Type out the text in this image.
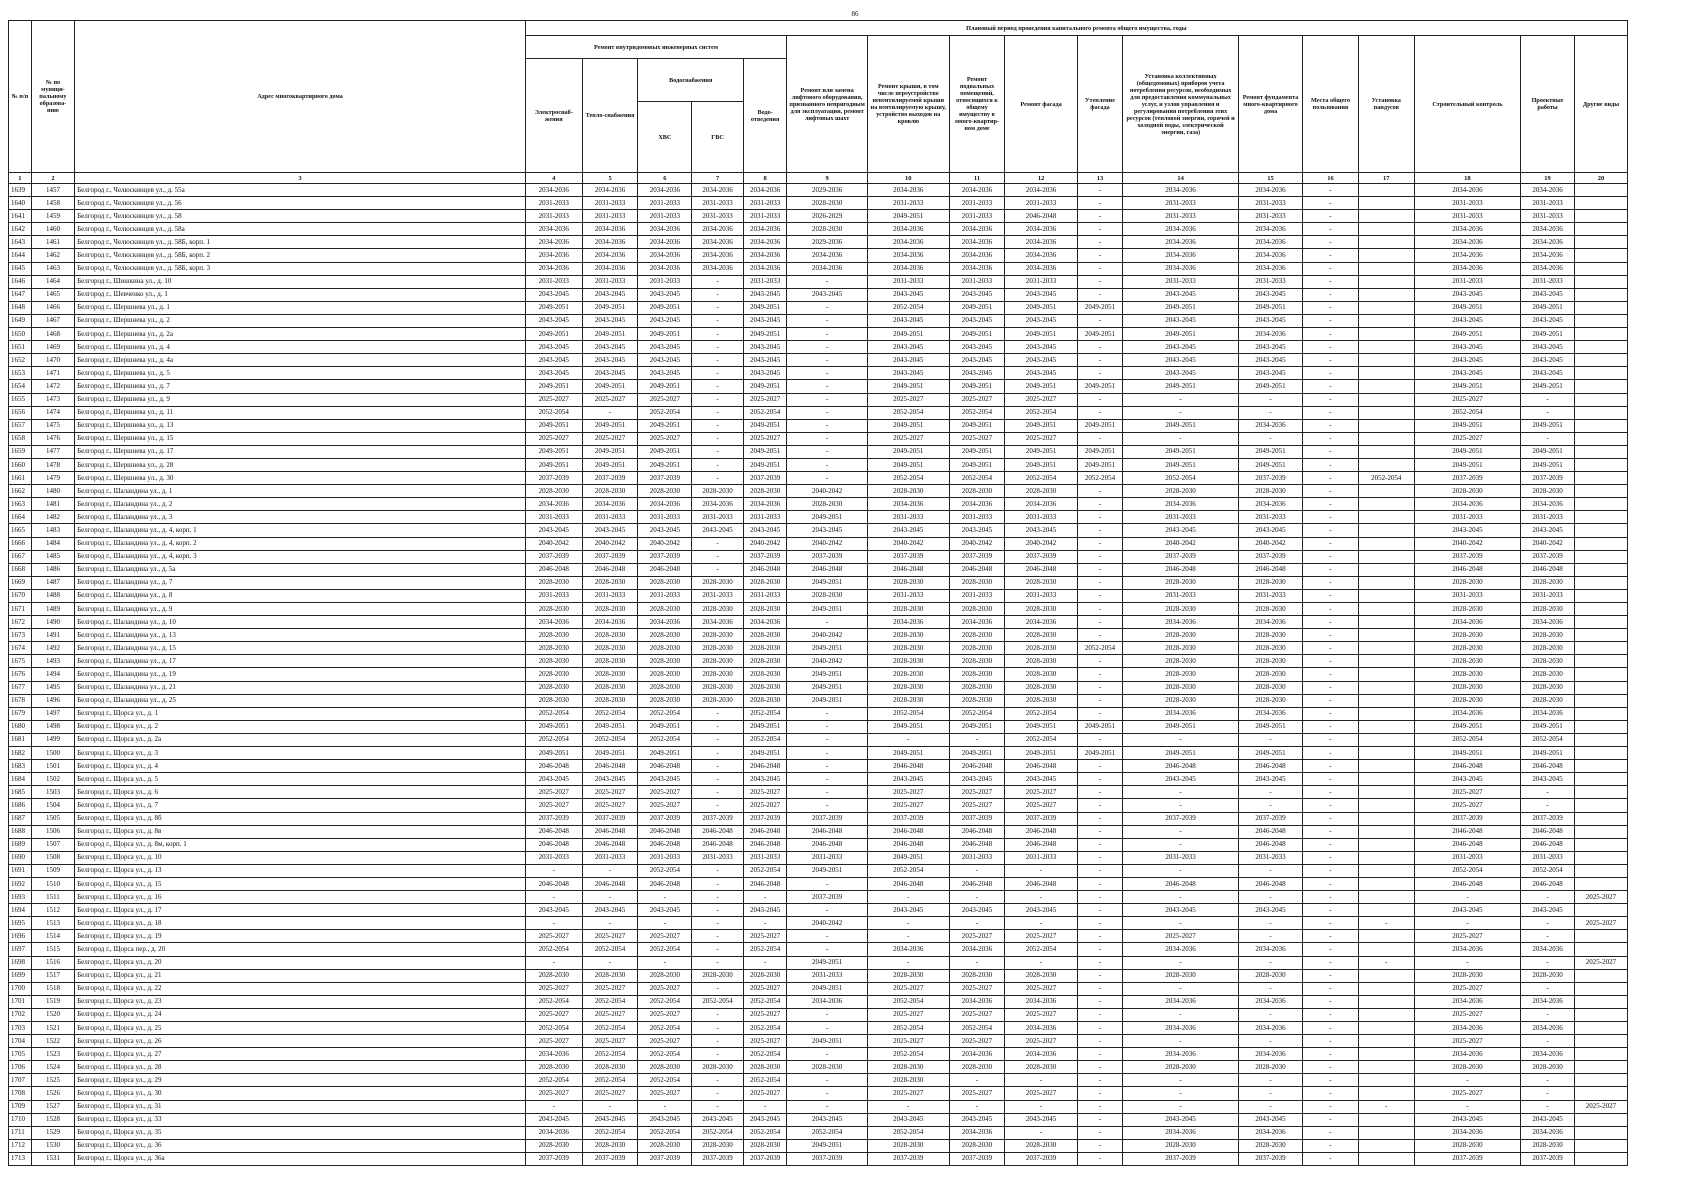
86
№ п/п	№ по муници-пальному образова-нию	Адрес многоквартирного дома	Плановый период проведения капитального ремонта общего имущества, годы																
			Ремонт внутридомовых инженерных систем					Ремонт или замена лифтового оборудования, признанного непригодным для эксплуатации, ремонт лифтовых шахт	Ремонт крыши, в том числе переустройство невентилируемой крыши на вентилируемую крышу, устройство выходов на кровлю	Ремонт подвальных помещений, относящихся к общему имуществу в много-квартир-ном доме	Ремонт фасада	Утепление фасада	Установка коллективных (общедомовых) приборов учета потребления ресурсов, необходимых для предоставления коммунальных услуг, и узлов управления и регулирования потребления этих ресурсов (тепловой энергии, горячей и холодной воды, электрической энергии, газа)	Ремонт фундамента много-квартирного дома	Места общего пользования	Установка пандусов	Строительный контроль	Проектные работы	Другие виды
			Электроснаб-жения	Тепло-снабжения	Водоснабжения		Водо-отведения												
					ХВС	ГВС													
1	2	3	4	5	6	7	8	9	10	11	12	13	14	15	16	17	18	19	20
1639	1457	Белгород г., Челюскинцев ул., д. 55а	2034-2036	2034-2036	2034-2036	2034-2036	2034-2036	2029-2036	2034-2036	2034-2036	2034-2036	-	2034-2036	2034-2036	-		2034-2036	2034-2036	
1640	1458	Белгород г., Челюскинцев ул., д. 56	2031-2033	2031-2033	2031-2033	2031-2033	2031-2033	2028-2030	2031-2033	2031-2033	2031-2033	-	2031-2033	2031-2033	-		2031-2033	2031-2033	
1641	1459	Белгород г., Челюскинцев ул., д. 58	2031-2033	2031-2033	2031-2033	2031-2033	2031-2033	2026-2029	2049-2051	2031-2033	2046-2048	-	2031-2033	2031-2033	-		2031-2033	2031-2033	
1642	1460	Белгород г., Челюскинцев ул., д. 58а	2034-2036	2034-2036	2034-2036	2034-2036	2034-2036	2028-2030	2034-2036	2034-2036	2034-2036	-	2034-2036	2034-2036	-		2034-2036	2034-2036	
1643	1461	Белгород г., Челюскинцев ул., д. 58Б, корп. 1	2034-2036	2034-2036	2034-2036	2034-2036	2034-2036	2029-2036	2034-2036	2034-2036	2034-2036	-	2034-2036	2034-2036	-		2034-2036	2034-2036	
1644	1462	Белгород г., Челюскинцев ул., д. 58Б, корп. 2	2034-2036	2034-2036	2034-2036	2034-2036	2034-2036	2034-2036	2034-2036	2034-2036	2034-2036	-	2034-2036	2034-2036	-		2034-2036	2034-2036	
1645	1463	Белгород г., Челюскинцев ул., д. 58Б, корп. 3	2034-2036	2034-2036	2034-2036	2034-2036	2034-2036	2034-2036	2034-2036	2034-2036	2034-2036	-	2034-2036	2034-2036	-		2034-2036	2034-2036	
1646	1464	Белгород г., Шишкина ул., д. 10	2031-2033	2031-2033	2031-2033	-	2031-2033	-	2031-2033	2031-2033	2031-2033	-	2031-2033	2031-2033	-		2031-2033	2031-2033	
1647	1465	Белгород г., Шевченко ул., д. 1	2043-2045	2043-2045	2043-2045	-	2043-2045	2043-2045	2043-2045	2043-2045	2043-2045	-	2043-2045	2043-2045	-		2043-2045	2043-2045	
1648	1466	Белгород г., Шершнева ул., д. 1	2049-2051	2049-2051	2049-2051	-	2049-2051	-	2052-2054	2049-2051	2049-2051	2049-2051	2049-2051	2049-2051	-		2049-2051	2049-2051	
1649	1467	Белгород г., Шершнева ул., д. 2	2043-2045	2043-2045	2043-2045	-	2043-2045	-	2043-2045	2043-2045	2043-2045	-	2043-2045	2043-2045	-		2043-2045	2043-2045	
1650	1468	Белгород г., Шершнева ул., д. 2а	2049-2051	2049-2051	2049-2051	-	2049-2051	-	2049-2051	2049-2051	2049-2051	2049-2051	2049-2051	2034-2036	-		2049-2051	2049-2051	
1651	1469	Белгород г., Шершнева ул., д. 4	2043-2045	2043-2045	2043-2045	-	2043-2045	-	2043-2045	2043-2045	2043-2045	-	2043-2045	2043-2045	-		2043-2045	2043-2045	
1652	1470	Белгород г., Шершнева ул., д. 4а	2043-2045	2043-2045	2043-2045	-	2043-2045	-	2043-2045	2043-2045	2043-2045	-	2043-2045	2043-2045	-		2043-2045	2043-2045	
1653	1471	Белгород г., Шершнева ул., д. 5	2043-2045	2043-2045	2043-2045	-	2043-2045	-	2043-2045	2043-2045	2043-2045	-	2043-2045	2043-2045	-		2043-2045	2043-2045	
1654	1472	Белгород г., Шершнева ул., д. 7	2049-2051	2049-2051	2049-2051	-	2049-2051	-	2049-2051	2049-2051	2049-2051	2049-2051	2049-2051	2049-2051	-		2049-2051	2049-2051	
1655	1473	Белгород г., Шершнева ул., д. 9	2025-2027	2025-2027	2025-2027	-	2025-2027	-	2025-2027	2025-2027	2025-2027	-	-	-	-		2025-2027	-	
1656	1474	Белгород г., Шершнева ул., д. 11	2052-2054	-	2052-2054	-	2052-2054	-	2052-2054	2052-2054	2052-2054	-	-	-	-		2052-2054	-	
1657	1475	Белгород г., Шершнева ул., д. 13	2049-2051	2049-2051	2049-2051	-	2049-2051	-	2049-2051	2049-2051	2049-2051	2049-2051	2049-2051	2034-2036	-		2049-2051	2049-2051	
1658	1476	Белгород г., Шершнева ул., д. 15	2025-2027	2025-2027	2025-2027	-	2025-2027	-	2025-2027	2025-2027	2025-2027	-	-	-	-		2025-2027	-	
1659	1477	Белгород г., Шершнева ул., д. 17	2049-2051	2049-2051	2049-2051	-	2049-2051	-	2049-2051	2049-2051	2049-2051	2049-2051	2049-2051	2049-2051	-		2049-2051	2049-2051	
1660	1478	Белгород г., Шершнева ул., д. 28	2049-2051	2049-2051	2049-2051	-	2049-2051	-	2049-2051	2049-2051	2049-2051	2049-2051	2049-2051	2049-2051	-		2049-2051	2049-2051	
1661	1479	Белгород г., Шершнева ул., д. 30	2037-2039	2037-2039	2037-2039	-	2037-2039	-	2052-2054	2052-2054	2052-2054	2052-2054	2052-2054	2037-2039	-	2052-2054	2037-2039	2037-2039	
1662	1480	Белгород г., Шаландина ул., д. 1	2028-2030	2028-2030	2028-2030	2028-2030	2028-2030	2040-2042	2028-2030	2028-2030	2028-2030	-	2028-2030	2028-2030	-		2028-2030	2028-2030	
1663	1481	Белгород г., Шаландина ул., д. 2	2034-2036	2034-2036	2034-2036	2034-2036	2034-2036	2028-2030	2034-2036	2034-2036	2034-2036	-	2034-2036	2034-2036	-		2034-2036	2034-2036	
1664	1482	Белгород г., Шаландина ул., д. 3	2031-2033	2031-2033	2031-2033	2031-2033	2031-2033	2049-2051	2031-2033	2031-2033	2031-2033	-	2031-2033	2031-2033	-		2031-2033	2031-2033	
1665	1483	Белгород г., Шаландина ул., д. 4, корп. 1	2043-2045	2043-2045	2043-2045	2043-2045	2043-2045	2043-2045	2043-2045	2043-2045	2043-2045	-	2043-2045	2043-2045	-		2043-2045	2043-2045	
1666	1484	Белгород г., Шаландина ул., д. 4, корп. 2	2040-2042	2040-2042	2040-2042	-	2040-2042	2040-2042	2040-2042	2040-2042	2040-2042	-	2040-2042	2040-2042	-		2040-2042	2040-2042	
1667	1485	Белгород г., Шаландина ул., д. 4, корп. 3	2037-2039	2037-2039	2037-2039	-	2037-2039	2037-2039	2037-2039	2037-2039	2037-2039	-	2037-2039	2037-2039	-		2037-2039	2037-2039	
1668	1486	Белгород г., Шаландина ул., д. 5а	2046-2048	2046-2048	2046-2048	-	2046-2048	2046-2048	2046-2048	2046-2048	2046-2048	-	2046-2048	2046-2048	-		2046-2048	2046-2048	
1669	1487	Белгород г., Шаландина ул., д. 7	2028-2030	2028-2030	2028-2030	2028-2030	2028-2030	2049-2051	2028-2030	2028-2030	2028-2030	-	2028-2030	2028-2030	-		2028-2030	2028-2030	
1670	1488	Белгород г., Шаландина ул., д. 8	2031-2033	2031-2033	2031-2033	2031-2033	2031-2033	2028-2030	2031-2033	2031-2033	2031-2033	-	2031-2033	2031-2033	-		2031-2033	2031-2033	
1671	1489	Белгород г., Шаландина ул., д. 9	2028-2030	2028-2030	2028-2030	2028-2030	2028-2030	2049-2051	2028-2030	2028-2030	2028-2030	-	2028-2030	2028-2030	-		2028-2030	2028-2030	
1672	1490	Белгород г., Шаландина ул., д. 10	2034-2036	2034-2036	2034-2036	2034-2036	2034-2036	-	2034-2036	2034-2036	2034-2036	-	2034-2036	2034-2036	-		2034-2036	2034-2036	
1673	1491	Белгород г., Шаландина ул., д. 13	2028-2030	2028-2030	2028-2030	2028-2030	2028-2030	2040-2042	2028-2030	2028-2030	2028-2030	-	2028-2030	2028-2030	-		2028-2030	2028-2030	
1674	1492	Белгород г., Шаландина ул., д. 15	2028-2030	2028-2030	2028-2030	2028-2030	2028-2030	2049-2051	2028-2030	2028-2030	2028-2030	2052-2054	2028-2030	2028-2030	-		2028-2030	2028-2030	
1675	1493	Белгород г., Шаландина ул., д. 17	2028-2030	2028-2030	2028-2030	2028-2030	2028-2030	2040-2042	2028-2030	2028-2030	2028-2030	-	2028-2030	2028-2030	-		2028-2030	2028-2030	
1676	1494	Белгород г., Шаландина ул., д. 19	2028-2030	2028-2030	2028-2030	2028-2030	2028-2030	2049-2051	2028-2030	2028-2030	2028-2030	-	2028-2030	2028-2030	-		2028-2030	2028-2030	
1677	1495	Белгород г., Шаландина ул., д. 21	2028-2030	2028-2030	2028-2030	2028-2030	2028-2030	2049-2051	2028-2030	2028-2030	2028-2030	-	2028-2030	2028-2030	-		2028-2030	2028-2030	
1678	1496	Белгород г., Шаландина ул., д. 25	2028-2030	2028-2030	2028-2030	2028-2030	2028-2030	2049-2051	2028-2030	2028-2030	2028-2030	-	2028-2030	2028-2030	-		2028-2030	2028-2030	
1679	1497	Белгород г., Щорса ул., д. 1	2052-2054	2052-2054	2052-2054	-	2052-2054	-	2052-2054	2052-2054	2052-2054	-	2034-2036	2034-2036	-		2034-2036	2034-2036	
1680	1498	Белгород г., Щорса ул., д. 2	2049-2051	2049-2051	2049-2051	-	2049-2051	-	2049-2051	2049-2051	2049-2051	2049-2051	2049-2051	2049-2051	-		2049-2051	2049-2051	
1681	1499	Белгород г., Щорса ул., д. 2а	2052-2054	2052-2054	2052-2054	-	2052-2054	-	-	-	2052-2054	-	-	-	-		2052-2054	2052-2054	
1682	1500	Белгород г., Щорса ул., д. 3	2049-2051	2049-2051	2049-2051	-	2049-2051	-	2049-2051	2049-2051	2049-2051	2049-2051	2049-2051	2049-2051	-		2049-2051	2049-2051	
1683	1501	Белгород г., Щорса ул., д. 4	2046-2048	2046-2048	2046-2048	-	2046-2048	-	2046-2048	2046-2048	2046-2048	-	2046-2048	2046-2048	-		2046-2048	2046-2048	
1684	1502	Белгород г., Щорса ул., д. 5	2043-2045	2043-2045	2043-2045	-	2043-2045	-	2043-2045	2043-2045	2043-2045	-	2043-2045	2043-2045	-		2043-2045	2043-2045	
1685	1503	Белгород г., Щорса ул., д. 6	2025-2027	2025-2027	2025-2027	-	2025-2027	-	2025-2027	2025-2027	2025-2027	-	-	-	-		2025-2027	-	
1686	1504	Белгород г., Щорса ул., д. 7	2025-2027	2025-2027	2025-2027	-	2025-2027	-	2025-2027	2025-2027	2025-2027	-	-	-	-		2025-2027	-	
1687	1505	Белгород г., Щорса ул., д. 8б	2037-2039	2037-2039	2037-2039	2037-2039	2037-2039	2037-2039	2037-2039	2037-2039	2037-2039	-	2037-2039	2037-2039	-		2037-2039	2037-2039	
1688	1506	Белгород г., Щорса ул., д. 8в	2046-2048	2046-2048	2046-2048	2046-2048	2046-2048	2046-2048	2046-2048	2046-2048	2046-2048	-	-	2046-2048	-		2046-2048	2046-2048	
1689	1507	Белгород г., Щорса ул., д. 8м, корп. 1	2046-2048	2046-2048	2046-2048	2046-2048	2046-2048	2046-2048	2046-2048	2046-2048	2046-2048	-	-	2046-2048	-		2046-2048	2046-2048	
1690	1508	Белгород г., Щорса ул., д. 10	2031-2033	2031-2033	2031-2033	2031-2033	2031-2033	2031-2033	2049-2051	2031-2033	2031-2033	-	2031-2033	2031-2033	-		2031-2033	2031-2033	
1691	1509	Белгород г., Щорса ул., д. 13	-	-	2052-2054	-	2052-2054	2049-2051	2052-2054	-	-	-	-	-	-		2052-2054	2052-2054	
1692	1510	Белгород г., Щорса ул., д. 15	2046-2048	2046-2048	2046-2048	-	2046-2048	-	2046-2048	2046-2048	2046-2048	-	2046-2048	2046-2048	-		2046-2048	2046-2048	
1693	1511	Белгород г., Щорса ул., д. 16	-	-	-	-	-	2037-2039	-	-	-	-	-	-	-		-	-	2025-2027
1694	1512	Белгород г., Щорса ул., д. 17	2043-2045	2043-2045	2043-2045	-	2043-2045	-	2043-2045	2043-2045	2043-2045	-	2043-2045	2043-2045	-		2043-2045	2043-2045	
1695	1513	Белгород г., Щорса ул., д. 18	-	-	-	-	-	2040-2042	-	-	-	-	-	-	-	-	-	-	2025-2027
1696	1514	Белгород г., Щорса ул., д. 19	2025-2027	2025-2027	2025-2027	-	2025-2027	-	-	2025-2027	2025-2027	-	2025-2027	-	-		2025-2027	-	
1697	1515	Белгород г., Щорса пер., д. 20	2052-2054	2052-2054	2052-2054	-	2052-2054	-	2034-2036	2034-2036	2052-2054	-	2034-2036	2034-2036	-		2034-2036	2034-2036	
1698	1516	Белгород г., Щорса ул., д. 20	-	-	-	-	-	2049-2051	-	-	-	-	-	-	-	-	-	-	2025-2027
1699	1517	Белгород г., Щорса ул., д. 21	2028-2030	2028-2030	2028-2030	2028-2030	2028-2030	2031-2033	2028-2030	2028-2030	2028-2030	-	2028-2030	2028-2030	-		2028-2030	2028-2030	
1700	1518	Белгород г., Щорса ул., д. 22	2025-2027	2025-2027	2025-2027	-	2025-2027	2049-2051	2025-2027	2025-2027	2025-2027	-	-	-	-		2025-2027	-	
1701	1519	Белгород г., Щорса ул., д. 23	2052-2054	2052-2054	2052-2054	2052-2054	2052-2054	2034-2036	2052-2054	2034-2036	2034-2036	-	2034-2036	2034-2036	-		2034-2036	2034-2036	
1702	1520	Белгород г., Щорса ул., д. 24	2025-2027	2025-2027	2025-2027	-	2025-2027	-	2025-2027	2025-2027	2025-2027	-	-	-	-		2025-2027	-	
1703	1521	Белгород г., Щорса ул., д. 25	2052-2054	2052-2054	2052-2054	-	2052-2054	-	2052-2054	2052-2054	2034-2036	-	2034-2036	2034-2036	-		2034-2036	2034-2036	
1704	1522	Белгород г., Щорса ул., д. 26	2025-2027	2025-2027	2025-2027	-	2025-2027	2049-2051	2025-2027	2025-2027	2025-2027	-	-	-	-		2025-2027	-	
1705	1523	Белгород г., Щорса ул., д. 27	2034-2036	2052-2054	2052-2054	-	2052-2054	-	2052-2054	2034-2036	2034-2036	-	2034-2036	2034-2036	-		2034-2036	2034-2036	
1706	1524	Белгород г., Щорса ул., д. 28	2028-2030	2028-2030	2028-2030	2028-2030	2028-2030	2028-2030	2028-2030	2028-2030	2028-2030	-	2028-2030	2028-2030	-		2028-2030	2028-2030	
1707	1525	Белгород г., Щорса ул., д. 29	2052-2054	2052-2054	2052-2054	-	2052-2054	-	2028-2030	-	-	-	-	-	-		-	-	
1708	1526	Белгород г., Щорса ул., д. 30	2025-2027	2025-2027	2025-2027	-	2025-2027	-	2025-2027	2025-2027	2025-2027	-	-	-	-		2025-2027	-	
1709	1527	Белгород г., Щорса ул., д. 31	-	-	-	-	-	-	-	-	-	-	-	-	-	-	-	-	2025-2027
1710	1528	Белгород г., Щорса ул., д. 33	2043-2045	2043-2045	2043-2045	2043-2045	2043-2045	2043-2045	2043-2045	2043-2045	2043-2045	-	2043-2045	2043-2045	-		2043-2045	2043-2045	
1711	1529	Белгород г., Щорса ул., д. 35	2034-2036	2052-2054	2052-2054	2052-2054	2052-2054	2052-2054	2052-2054	2034-2036	-	-	2034-2036	2034-2036	-		2034-2036	2034-2036	
1712	1530	Белгород г., Щорса ул., д. 36	2028-2030	2028-2030	2028-2030	2028-2030	2028-2030	2049-2051	2028-2030	2028-2030	2028-2030	-	2028-2030	2028-2030	-		2028-2030	2028-2030	
1713	1531	Белгород г., Щорса ул., д. 36а	2037-2039	2037-2039	2037-2039	2037-2039	2037-2039	2037-2039	2037-2039	2037-2039	2037-2039	-	2037-2039	2037-2039	-		2037-2039	2037-2039	
